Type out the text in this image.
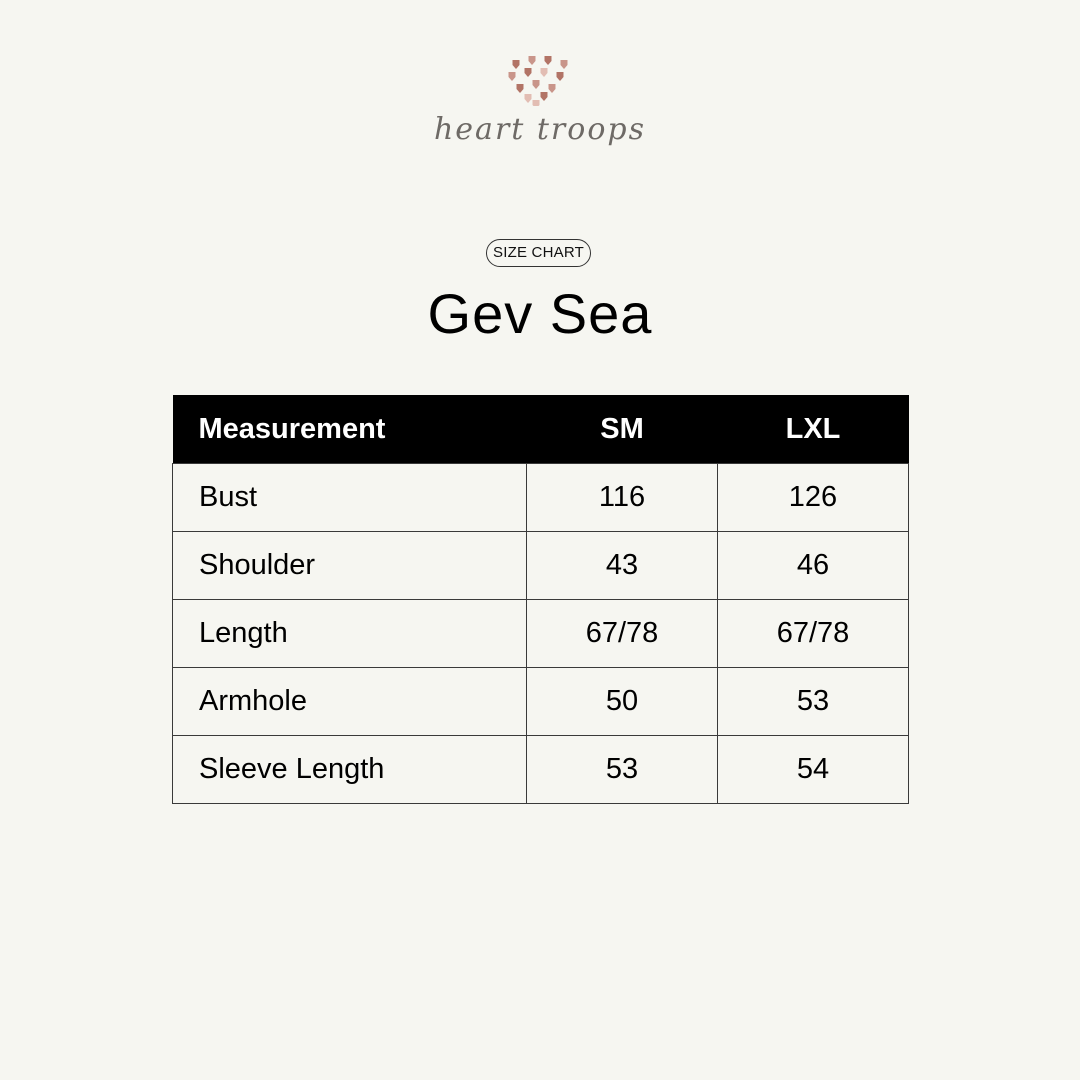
heart troops
SIZE CHART
Gev Sea
Measurement	SM	LXL
Bust	116	126
Shoulder	43	46
Length	67/78	67/78
Armhole	50	53
Sleeve Length	53	54
